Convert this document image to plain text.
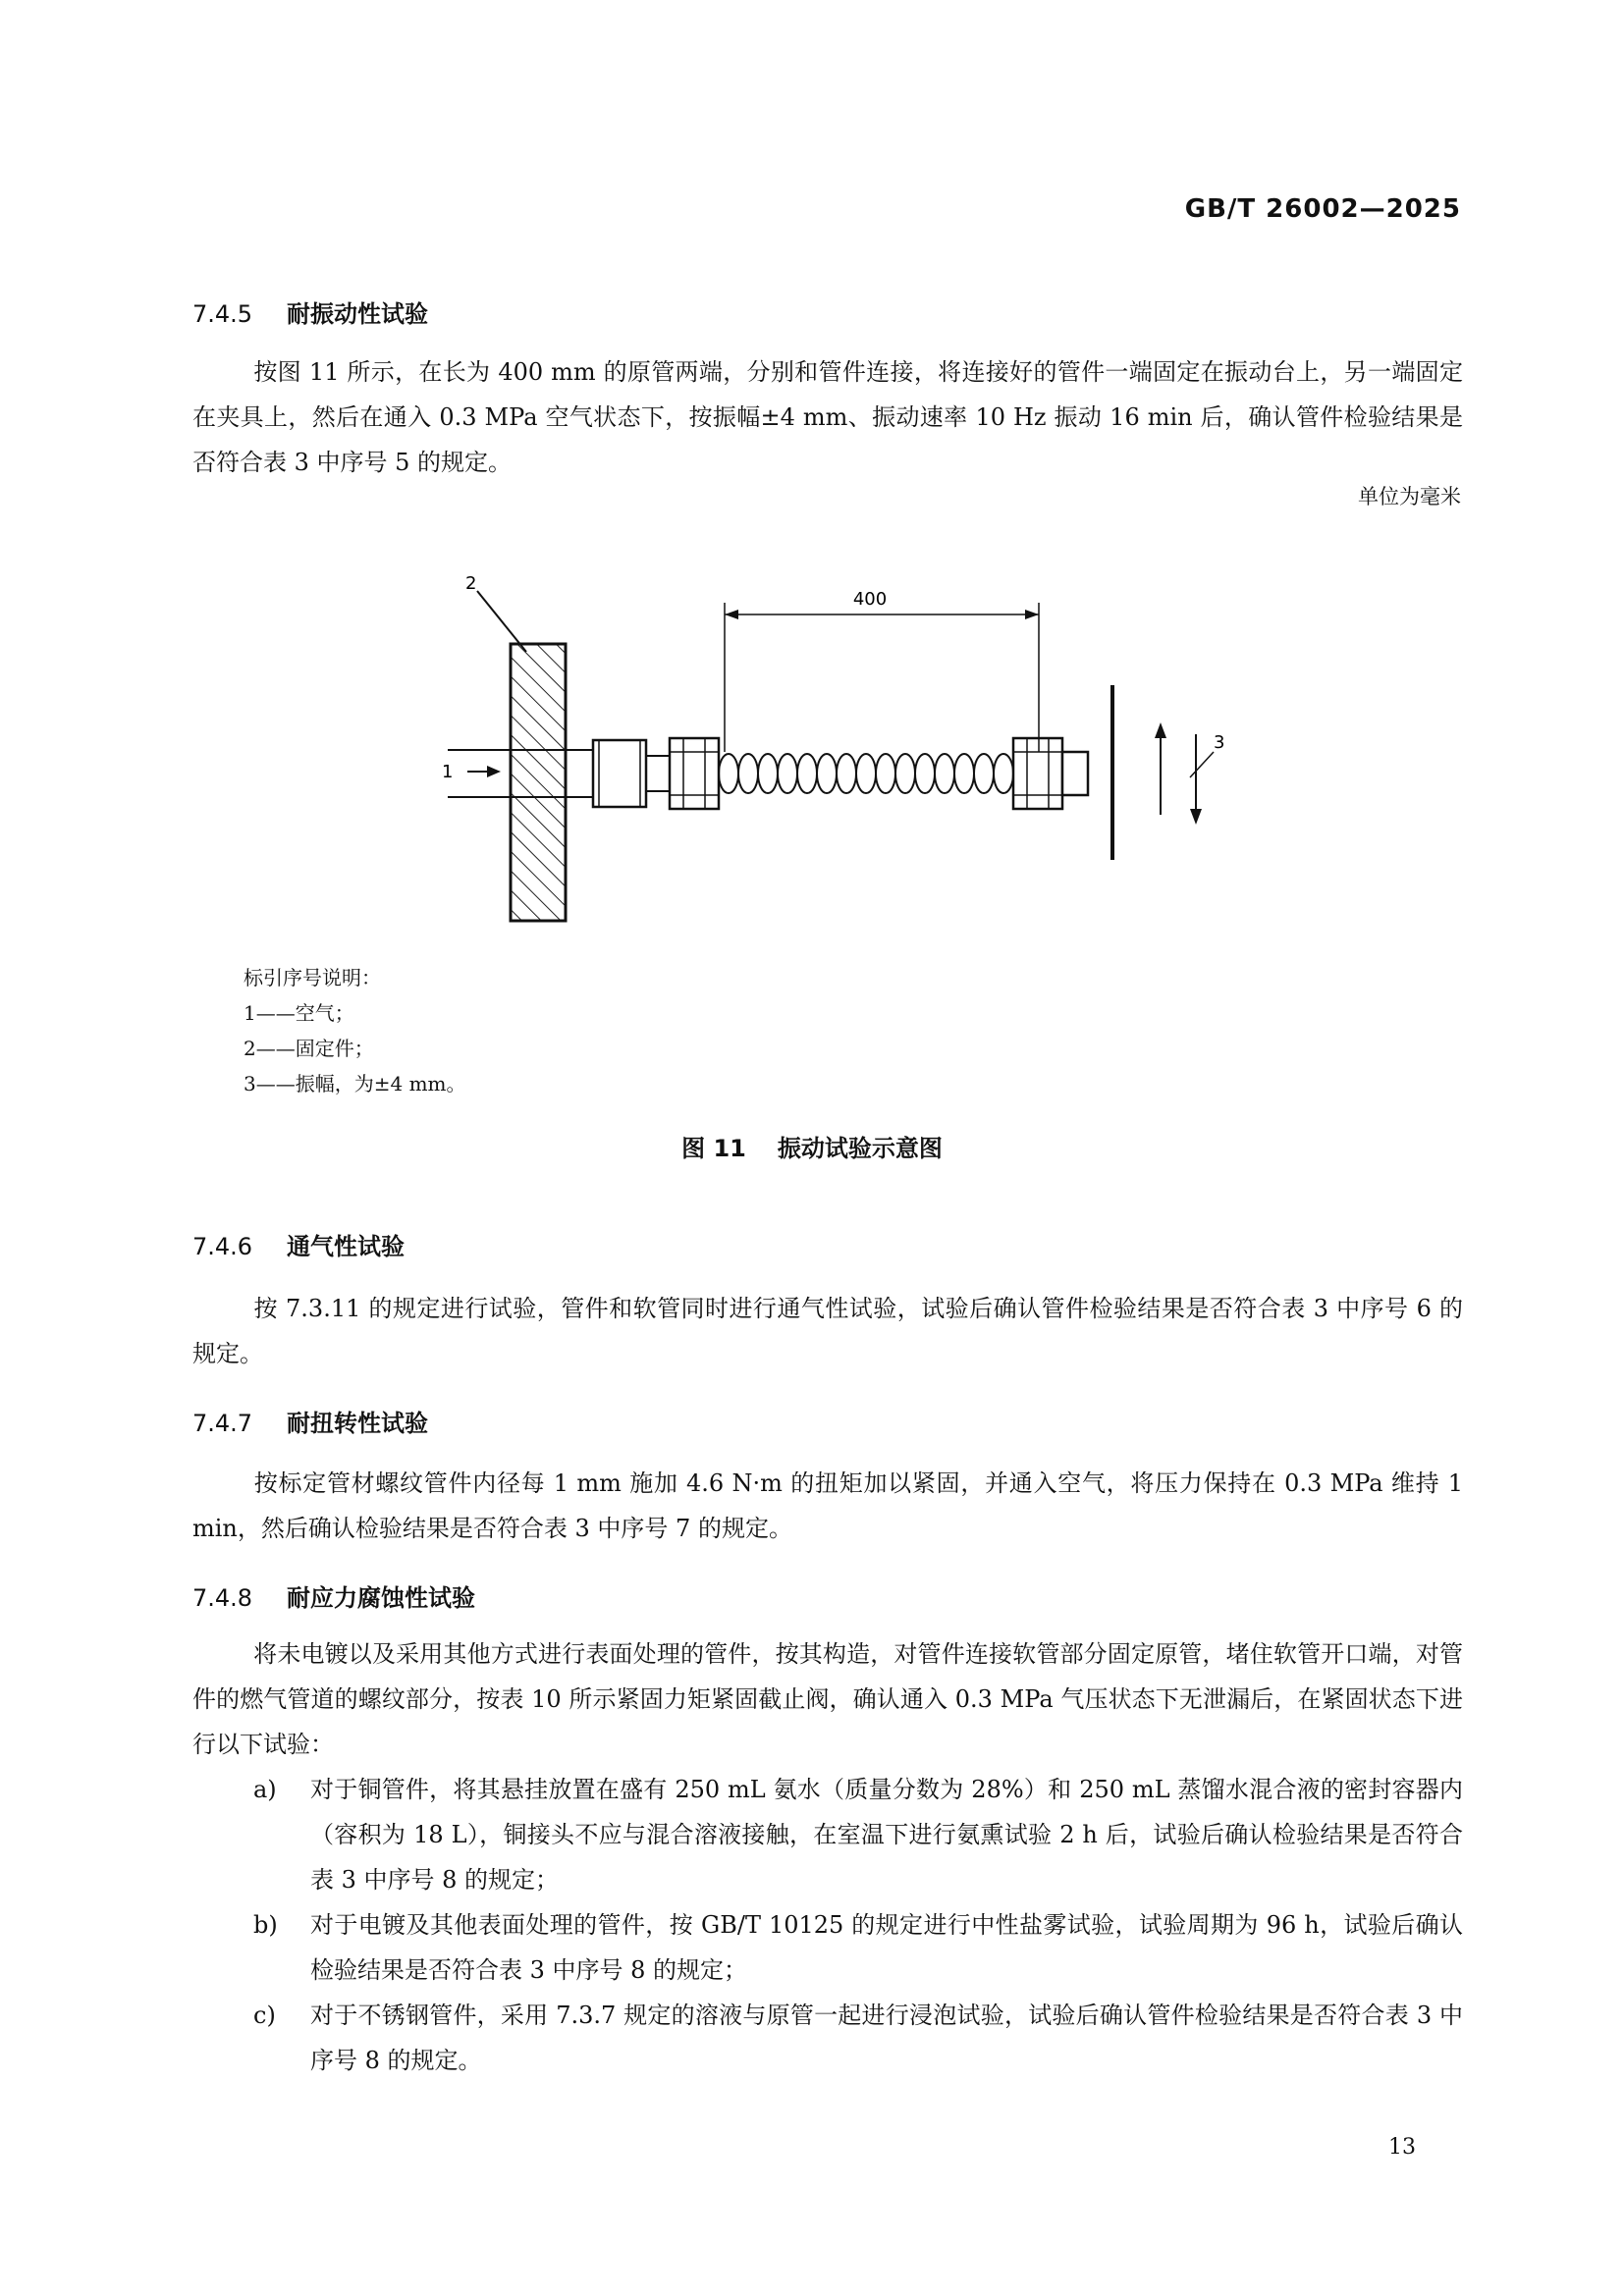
GB/T 26002—2025
7.4.5 耐振动性试验
按图 11 所示，在长为 400 mm 的原管两端，分别和管件连接，将连接好的管件一端固定在振动台上，另一端固定在夹具上，然后在通入 0.3 MPa 空气状态下，按振幅±4 mm、振动速率 10 Hz 振动 16 min 后，确认管件检验结果是否符合表 3 中序号 5 的规定。
单位为毫米
2
1
400
3
标引序号说明：
1——空气；
2——固定件；
3——振幅，为±4 mm。
图 11 振动试验示意图
7.4.6 通气性试验
按 7.3.11 的规定进行试验，管件和软管同时进行通气性试验，试验后确认管件检验结果是否符合表 3 中序号 6 的规定。
7.4.7 耐扭转性试验
按标定管材螺纹管件内径每 1 mm 施加 4.6 N·m 的扭矩加以紧固，并通入空气，将压力保持在 0.3 MPa 维持 1 min，然后确认检验结果是否符合表 3 中序号 7 的规定。
7.4.8 耐应力腐蚀性试验
将未电镀以及采用其他方式进行表面处理的管件，按其构造，对管件连接软管部分固定原管，堵住软管开口端，对管件的燃气管道的螺纹部分，按表 10 所示紧固力矩紧固截止阀，确认通入 0.3 MPa 气压状态下无泄漏后，在紧固状态下进行以下试验：
a)	对于铜管件，将其悬挂放置在盛有 250 mL 氨水（质量分数为 28%）和 250 mL 蒸馏水混合液的密封容器内（容积为 18 L），铜接头不应与混合溶液接触，在室温下进行氨熏试验 2 h 后，试验后确认检验结果是否符合表 3 中序号 8 的规定；
b)	对于电镀及其他表面处理的管件，按 GB/T 10125 的规定进行中性盐雾试验，试验周期为 96 h，试验后确认检验结果是否符合表 3 中序号 8 的规定；
c)	对于不锈钢管件，采用 7.3.7 规定的溶液与原管一起进行浸泡试验，试验后确认管件检验结果是否符合表 3 中序号 8 的规定。
13
